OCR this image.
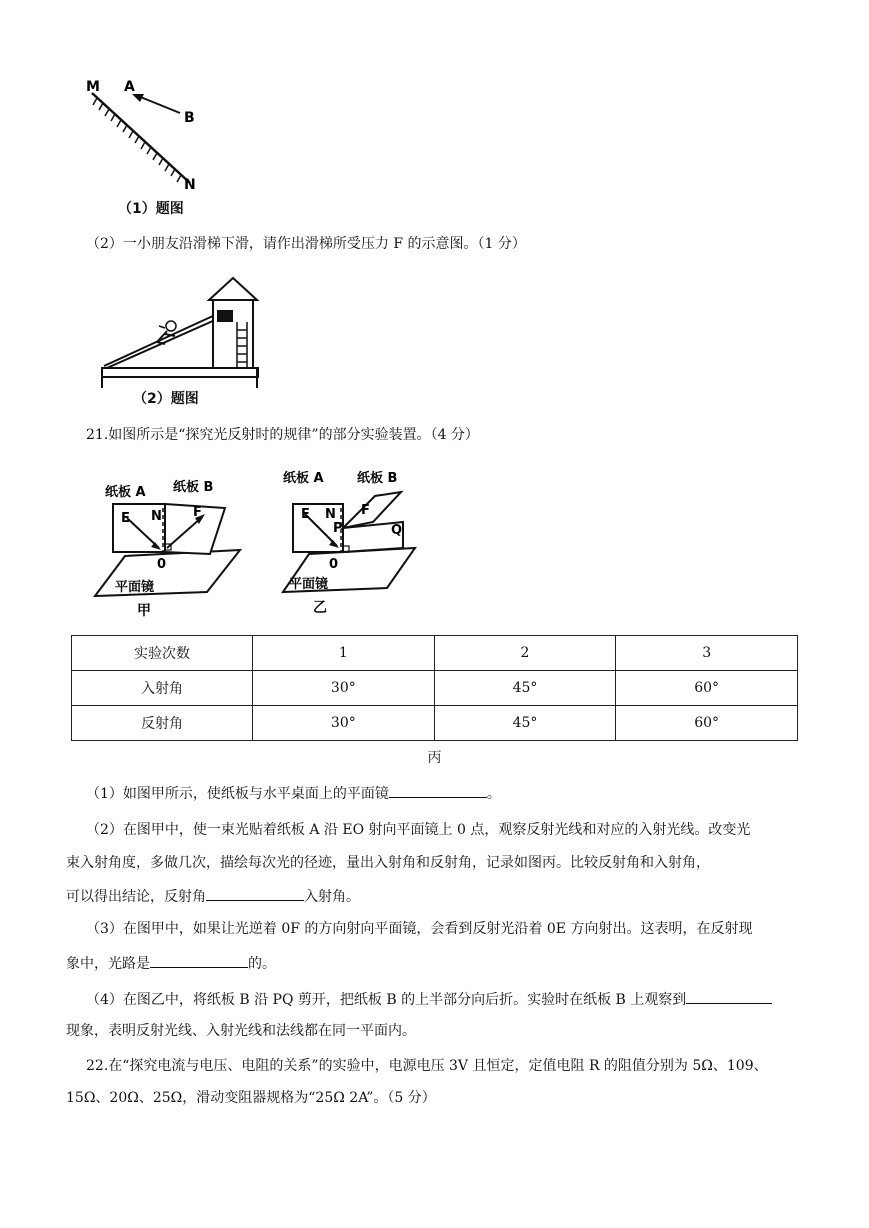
M A
B
N
（1）题图
（2）一小朋友沿滑梯下滑，请作出滑梯所受压力 F 的示意图。（1 分）
（2）题图
21.如图所示是“探究光反射时的规律”的部分实验装置。（4 分）
纸板 A 纸板 B
E N F
0
平面镜
甲
纸板 A	纸板 B
E N
P
F
Q
0
平面镜
乙
实验次数	1	2	3
入射角	30°	45°	60°
反射角	30°	45°	60°
丙
（1）如图甲所示，使纸板与水平桌面上的平面镜	。
（2）在图甲中，使一束光贴着纸板 A 沿 EO 射向平面镜上 0 点，观察反射光线和对应的入射光线。改变光
束入射角度，多做几次，描绘每次光的径迹，量出入射角和反射角，记录如图丙。比较反射角和入射角，
可以得出结论，反射角	入射角。
（3）在图甲中，如果让光逆着 0F 的方向射向平面镜，会看到反射光沿着 0E 方向射出。这表明，在反射现
象中，光路是	的。
（4）在图乙中，将纸板 B 沿 PQ 剪开，把纸板 B 的上半部分向后折。实验时在纸板 B 上观察到
现象，表明反射光线、入射光线和法线都在同一平面内。
22.在“探究电流与电压、电阻的关系”的实验中，电源电压 3V 且恒定，定值电阻 R 的阻值分别为 5Ω、109、
15Ω、20Ω、25Ω，滑动变阻器规格为“25Ω 2A”。（5 分）
